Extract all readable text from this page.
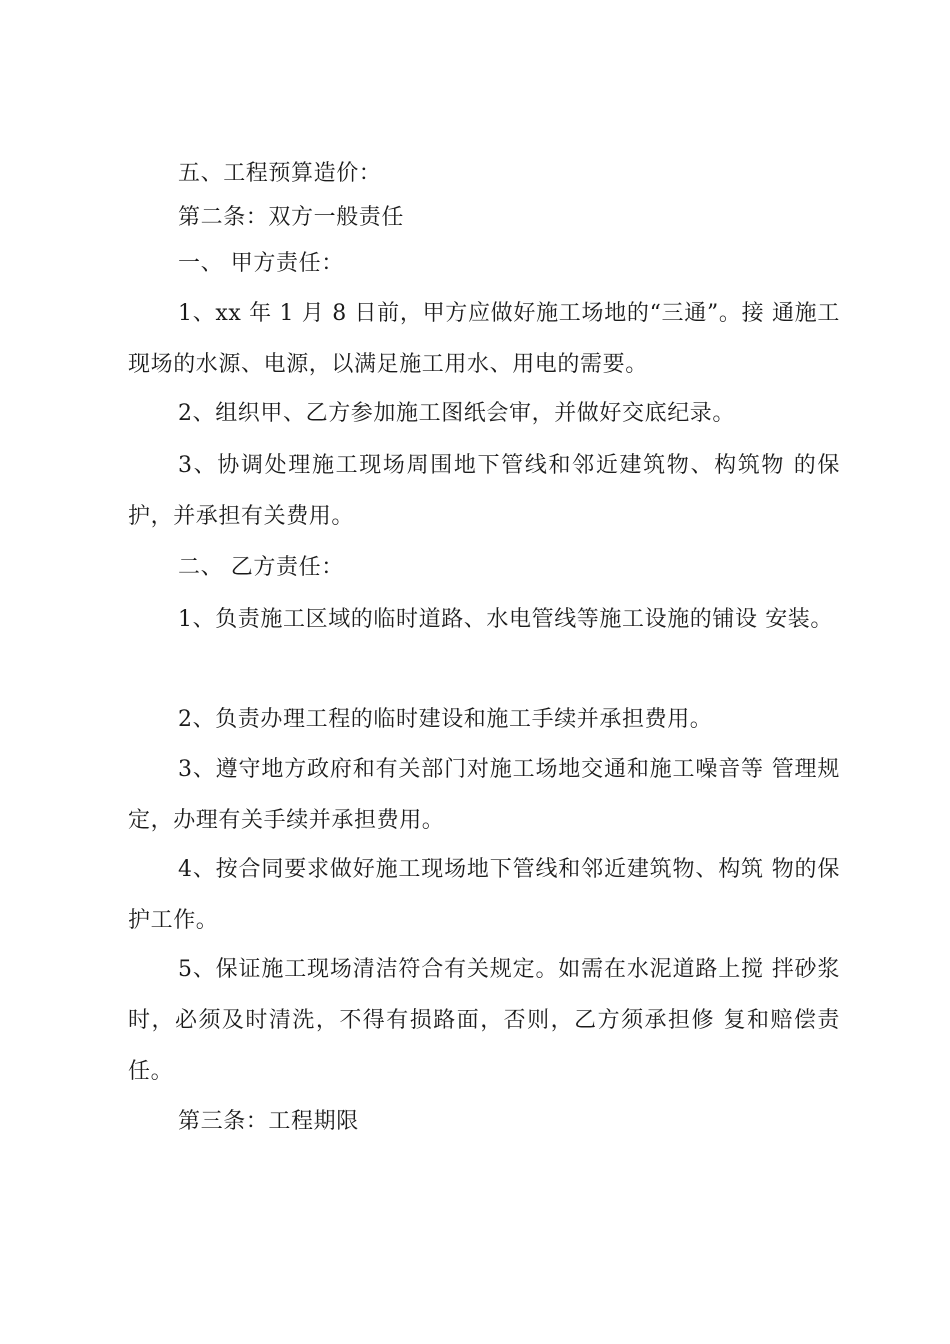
五、工程预算造价：

第二条：双方一般责任

一、 甲方责任：

1、xx 年 1 月 8 日前，甲方应做好施工场地的“三通”。接 通施工现场的水源、电源，以满足施工用水、用电的需要。

2、组织甲、乙方参加施工图纸会审，并做好交底纪录。

3、协调处理施工现场周围地下管线和邻近建筑物、构筑物 的保护，并承担有关费用。

二、 乙方责任：

1、负责施工区域的临时道路、水电管线等施工设施的铺设 安装。

2、负责办理工程的临时建设和施工手续并承担费用。

3、遵守地方政府和有关部门对施工场地交通和施工噪音等 管理规定，办理有关手续并承担费用。

4、按合同要求做好施工现场地下管线和邻近建筑物、构筑 物的保护工作。

5、保证施工现场清洁符合有关规定。如需在水泥道路上搅 拌砂浆时，必须及时清洗，不得有损路面，否则，乙方须承担修 复和赔偿责任。

第三条：工程期限
